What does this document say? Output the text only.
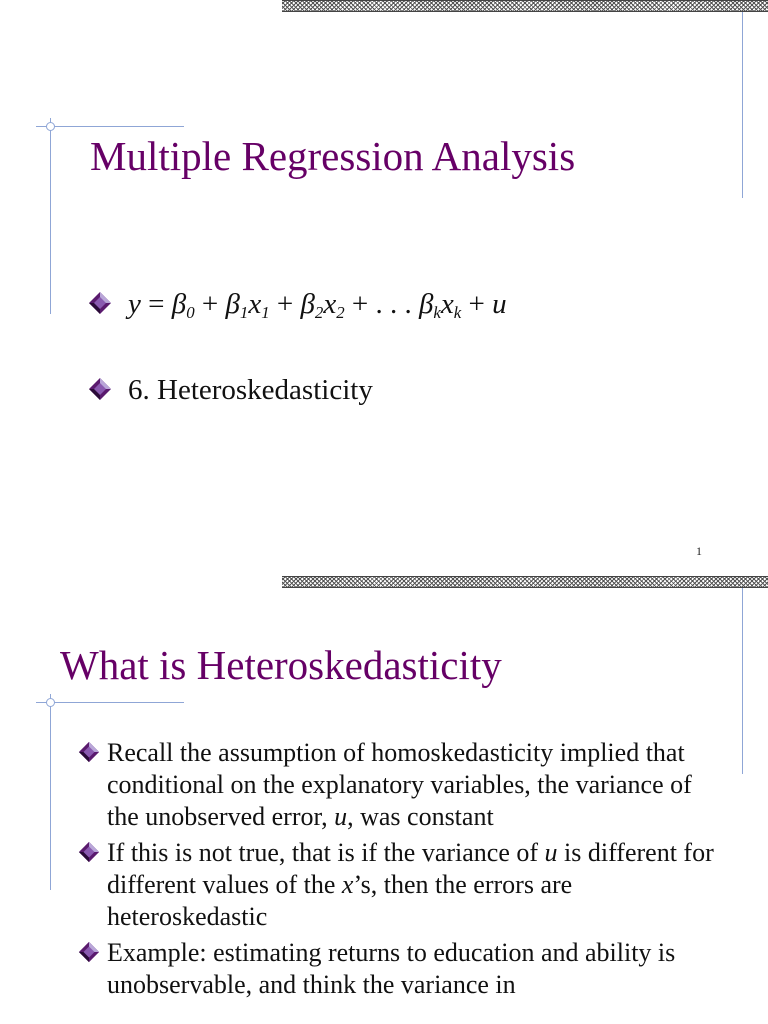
Multiple Regression Analysis
$y = \beta_0 + \beta_1x_1 + \beta_2x_2$ + . . . $\beta_kx_k + u$
6. Heteroskedasticity
1
What is Heteroskedasticity
Recall the assumption of homoskedasticity implied that conditional on the explanatory variables, the variance of the unobserved error, u, was constant
If this is not true, that is if the variance of u is different for different values of the x’s, then the errors are heteroskedastic
Example: estimating returns to education and ability is unobservable, and think the variance in
